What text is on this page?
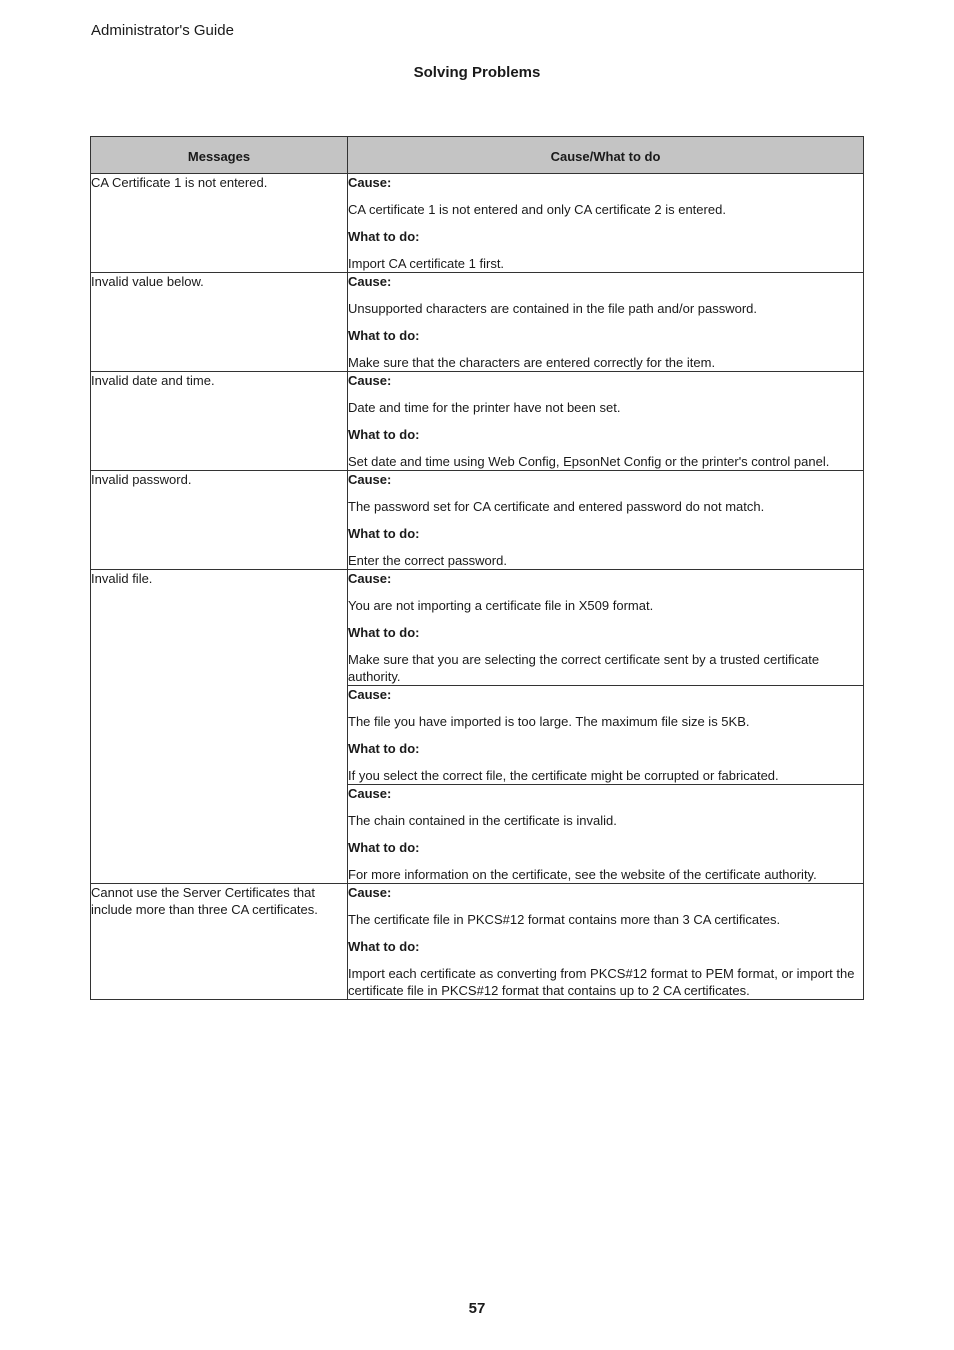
Administrator's Guide
Solving Problems
Messages	Cause/What to do
CA Certificate 1 is not entered.	Cause:

CA certificate 1 is not entered and only CA certificate 2 is entered.

What to do:

Import CA certificate 1 first.

Invalid value below.	Cause:

Unsupported characters are contained in the file path and/or password.

What to do:

Make sure that the characters are entered correctly for the item.

Invalid date and time.	Cause:

Date and time for the printer have not been set.

What to do:

Set date and time using Web Config, EpsonNet Config or the printer's control panel.

Invalid password.	Cause:

The password set for CA certificate and entered password do not match.

What to do:

Enter the correct password.

Invalid file.	Cause:

You are not importing a certificate file in X509 format.

What to do:

Make sure that you are selecting the correct certificate sent by a trusted certificate authority.

	Cause:

The file you have imported is too large. The maximum file size is 5KB.

What to do:

If you select the correct file, the certificate might be corrupted or fabricated.

	Cause:

The chain contained in the certificate is invalid.

What to do:

For more information on the certificate, see the website of the certificate authority.

Cannot use the Server Certificates that include more than three CA certificates.	Cause:

The certificate file in PKCS#12 format contains more than 3 CA certificates.

What to do:

Import each certificate as converting from PKCS#12 format to PEM format, or import the certificate file in PKCS#12 format that contains up to 2 CA certificates.

57
